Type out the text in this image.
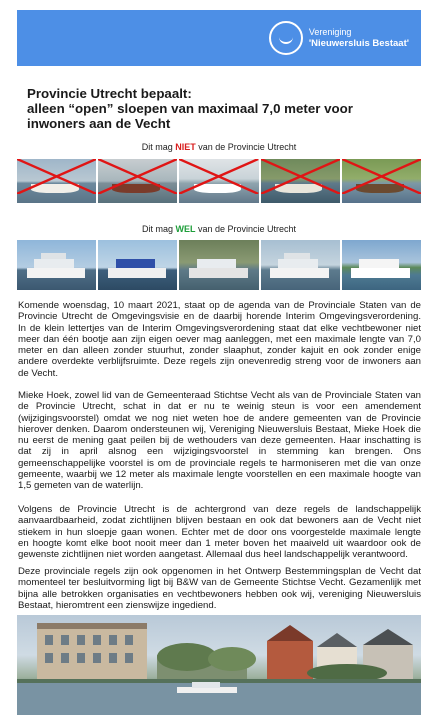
Vereniging
'Nieuwersluis Bestaat'
Provincie Utrecht bepaalt:
alleen “open” sloepen van maximaal 7,0 meter voor
inwoners aan de Vecht
Dit mag NIET van de Provincie Utrecht
Dit mag WEL van de Provincie Utrecht
Komende woensdag, 10 maart 2021, staat op de agenda van de Provinciale Staten van de
Provincie Utrecht de Omgevingsvisie en de daarbij horende Interim Omgevingsverordening.
In de klein lettertjes van de Interim Omgevingsverordening staat dat elke vechtbewoner niet
meer dan één bootje aan zijn eigen oever mag aanleggen, met een maximale lengte van 7,0
meter en dan alleen zonder stuurhut, zonder slaaphut, zonder kajuit en ook zonder enige
andere overdekte verblijfsruimte. Deze regels zijn onevenredig streng voor de inwoners aan
de Vecht.
Mieke Hoek, zowel lid van de Gemeenteraad Stichtse Vecht als van de Provinciale Staten van
de Provincie Utrecht, schat in dat er nu te weinig steun is voor een amendement
(wijzigingsvoorstel) omdat we nog niet weten hoe de andere gemeenten van de Provincie
hierover denken. Daarom ondersteunen wij, Vereniging Nieuwersluis Bestaat, Mieke Hoek die
nu eerst de mening gaat peilen bij de wethouders van deze gemeenten. Haar inschatting is
dat zij in april alsnog een wijzigingsvoorstel in stemming kan brengen. Ons
gemeenschappelijke voorstel is om de provinciale regels te harmoniseren met die van onze
gemeente, waarbij we 12 meter als maximale lengte voorstellen en een maximale hoogte van
1,5 gemeten van de waterlijn.
Volgens de Provincie Utrecht is de achtergrond van deze regels de landschappelijk
aanvaardbaarheid, zodat zichtlijnen blijven bestaan en ook dat bewoners aan de Vecht niet
stiekem in hun sloepje gaan wonen. Echter met de door ons voorgestelde maximale lengte
en hoogte komt elke boot nooit meer dan 1 meter boven het maaiveld uit waardoor ook de
gewenste zichtlijnen niet worden aangetast. Allemaal dus heel landschappelijk verantwoord.
Deze provinciale regels zijn ook opgenomen in het Ontwerp Bestemmingsplan de Vecht dat
momenteel ter besluitvorming ligt bij B&W van de Gemeente Stichtse Vecht. Gezamenlijk met
bijna alle betrokken organisaties en vechtbewoners hebben ook wij, vereniging Nieuwersluis
Bestaat, hieromtrent een zienswijze ingediend.
